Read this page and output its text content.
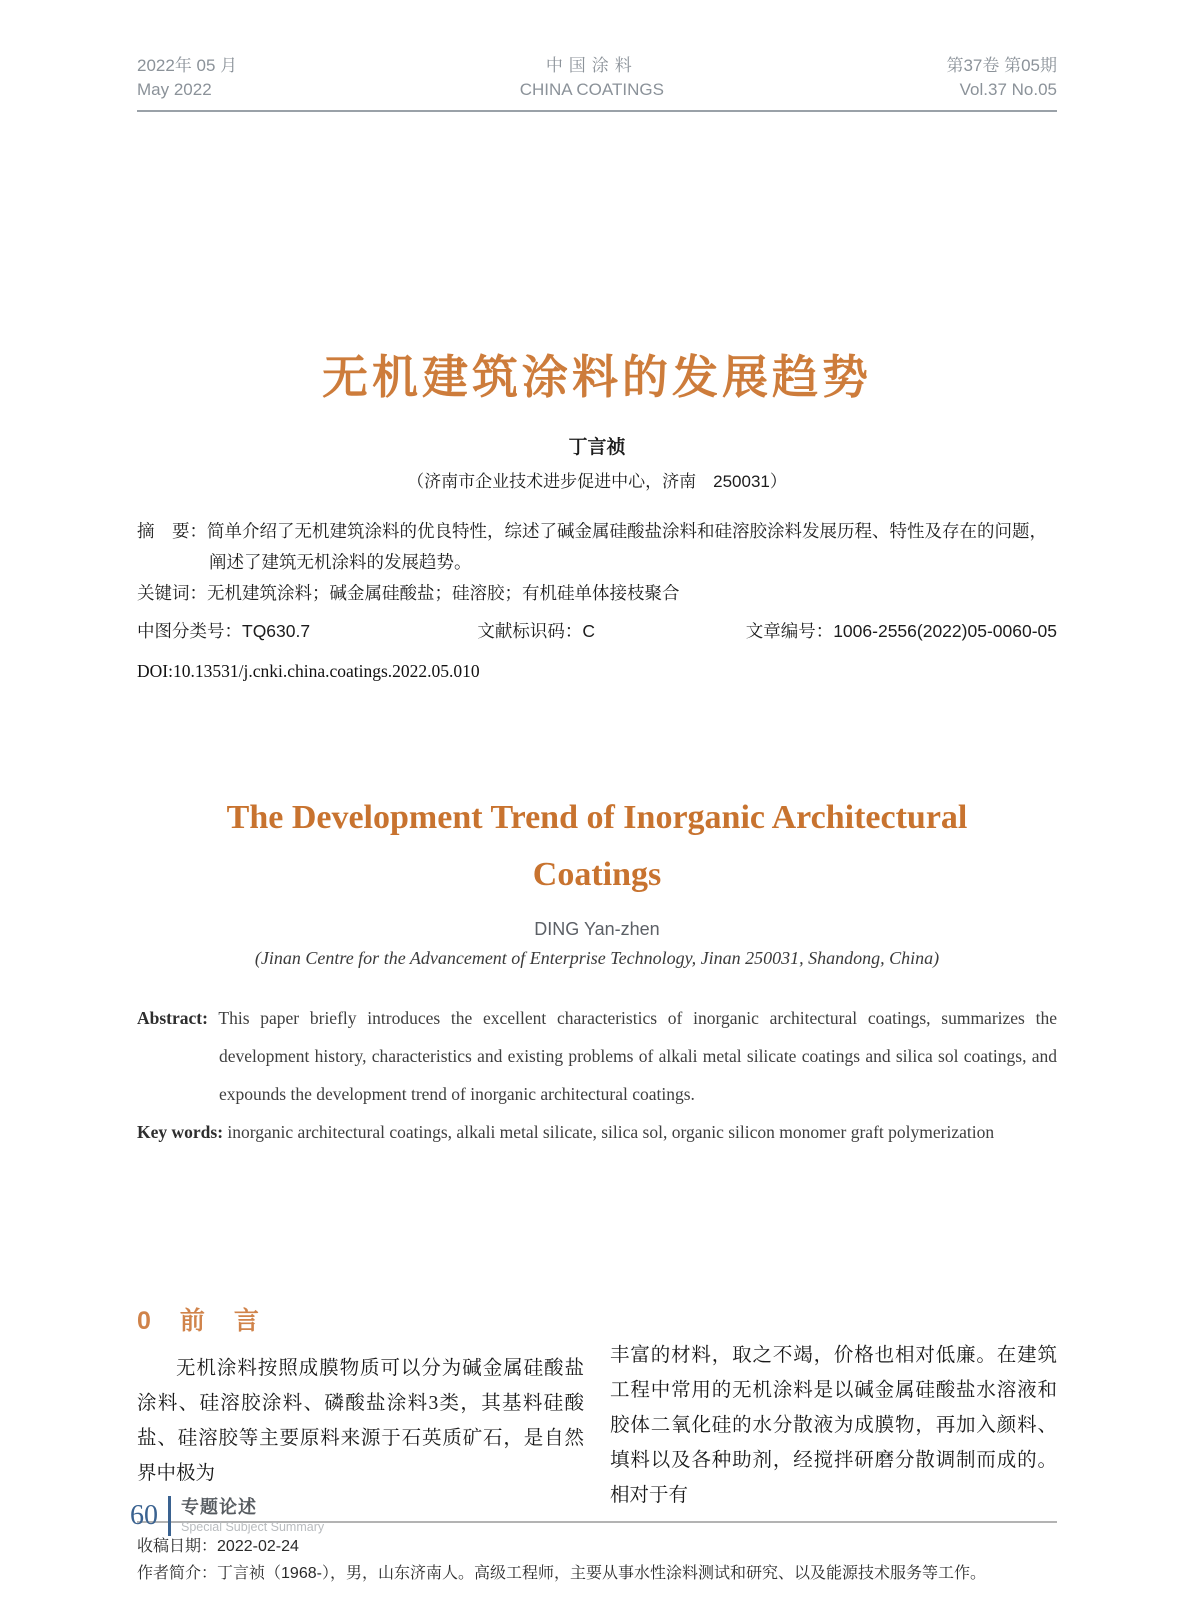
2022年 05 月
May 2022
中国涂料
CHINA COATINGS
第37卷 第05期
Vol.37 No.05
无机建筑涂料的发展趋势
丁言祯
（济南市企业技术进步促进中心，济南　250031）

摘　要：简单介绍了无机建筑涂料的优良特性，综述了碱金属硅酸盐涂料和硅溶胶涂料发展历程、特性及存在的问题，阐述了建筑无机涂料的发展趋势。

关键词：无机建筑涂料；碱金属硅酸盐；硅溶胶；有机硅单体接枝聚合

中图分类号：TQ630.7	文献标识码：C	文章编号：1006-2556(2022)05-0060-05
DOI:10.13531/j.cnki.china.coatings.2022.05.010
The Development Trend of Inorganic Architectural Coatings
DING Yan-zhen
(Jinan Centre for the Advancement of Enterprise Technology, Jinan 250031, Shandong, China)

Abstract: This paper briefly introduces the excellent characteristics of inorganic architectural coatings, summarizes the development history, characteristics and existing problems of alkali metal silicate coatings and silica sol coatings, and expounds the development trend of inorganic architectural coatings.

Key words: inorganic architectural coatings, alkali metal silicate, silica sol, organic silicon monomer graft polymerization

0　前　言

无机涂料按照成膜物质可以分为碱金属硅酸盐涂料、硅溶胶涂料、磷酸盐涂料3类，其基料硅酸盐、硅溶胶等主要原料来源于石英质矿石，是自然界中极为

丰富的材料，取之不竭，价格也相对低廉。在建筑工程中常用的无机涂料是以碱金属硅酸盐水溶液和胶体二氧化硅的水分散液为成膜物，再加入颜料、填料以及各种助剂，经搅拌研磨分散调制而成的。相对于有

收稿日期：2022-02-24

作者简介：丁言祯（1968-），男，山东济南人。高级工程师，主要从事水性涂料测试和研究、以及能源技术服务等工作。

60 专题论述
Special Subject Summary
